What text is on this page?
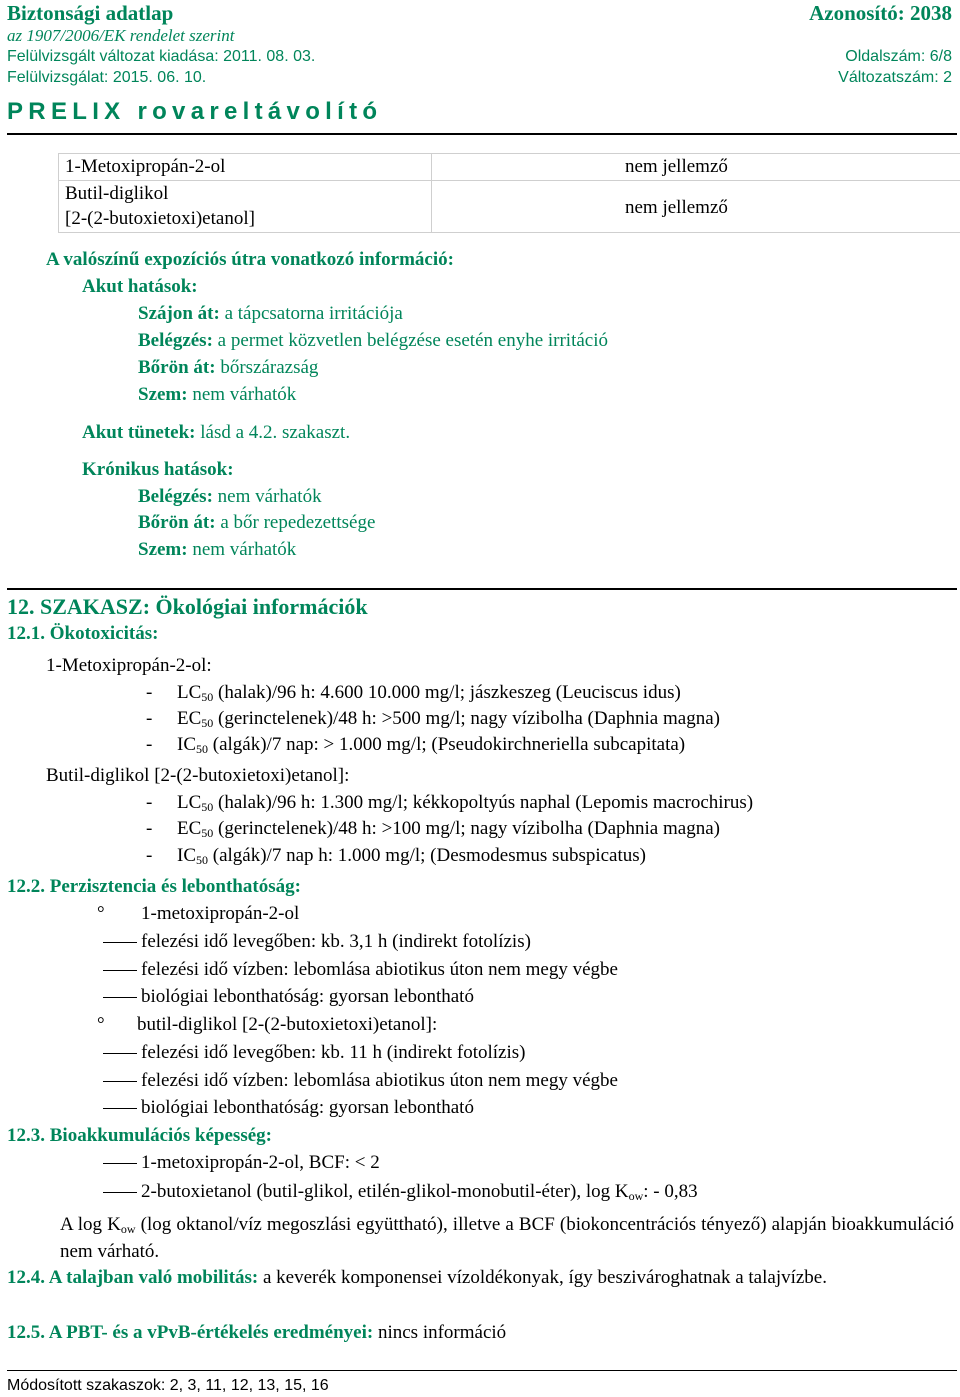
Biztonsági adatlap	Azonosító: 2038
az 1907/2006/EK rendelet szerint
Felülvizsgált változat kiadása: 2011. 08. 03.	Oldalszám: 6/8
Felülvizsgálat: 2015. 06. 10.	Változatszám: 2
PRELIX rovareltávolító
1-Metoxipropán-2-ol	nem jellemző

Butil-diglikol
[2-(2-butoxietoxi)etanol]	nem jellemző
A valószínű expozíciós útra vonatkozó információ:
Akut hatások:
Szájon át: a tápcsatorna irritációja
Belégzés: a permet közvetlen belégzése esetén enyhe irritáció
Bőrön át: bőrszárazság
Szem: nem várhatók
Akut tünetek: lásd a 4.2. szakaszt.
Krónikus hatások:
Belégzés: nem várhatók
Bőrön át: a bőr repedezettsége
Szem: nem várhatók
12. SZAKASZ: Ökológiai információk
12.1. Ökotoxicitás:
1-Metoxipropán-2-ol:
- $LC_{50}$ (halak)/96 h: 4.600 10.000 mg/l; jászkeszeg (Leuciscus idus)
- $EC_{50}$ (gerinctelenek)/48 h: >500 mg/l; nagy vízibolha (Daphnia magna)
- $IC_{50}$ (algák)/7 nap: > 1.000 mg/l; (Pseudokirchneriella subcapitata)
Butil-diglikol [2-(2-butoxietoxi)etanol]:
- $LC_{50}$ (halak)/96 h: 1.300 mg/l; kékkopoltyús naphal (Lepomis macrochirus)
- $EC_{50}$ (gerinctelenek)/48 h: >100 mg/l; nagy vízibolha (Daphnia magna)
- $IC_{50}$ (algák)/7 nap h: 1.000 mg/l; (Desmodesmus subspicatus)
12.2. Perzisztencia és lebonthatóság:
° 1-metoxipropán-2-ol
felezési idő levegőben: kb. 3,1 h (indirekt fotolízis)
felezési idő vízben: lebomlása abiotikus úton nem megy végbe
biológiai lebonthatóság: gyorsan lebontható
° butil-diglikol [2-(2-butoxietoxi)etanol]:
felezési idő levegőben: kb. 11 h (indirekt fotolízis)
felezési idő vízben: lebomlása abiotikus úton nem megy végbe
biológiai lebonthatóság: gyorsan lebontható
12.3. Bioakkumulációs képesség:
1-metoxipropán-2-ol, BCF: < 2
2-butoxietanol (butil-glikol, etilén-glikol-monobutil-éter), $\log K_{ow}$: - 0,83
A $\log K_{ow}$ (log oktanol/víz megoszlási együttható), illetve a BCF (biokoncentrációs tényező) alapján bioakkumuláció nem várható.
12.4. A talajban való mobilitás: a keverék komponensei vízoldékonyak, így beszivároghatnak a talajvízbe.
12.5. A PBT- és a vPvB-értékelés eredményei: nincs információ
Módosított szakaszok: 2, 3, 11, 12, 13, 15, 16
